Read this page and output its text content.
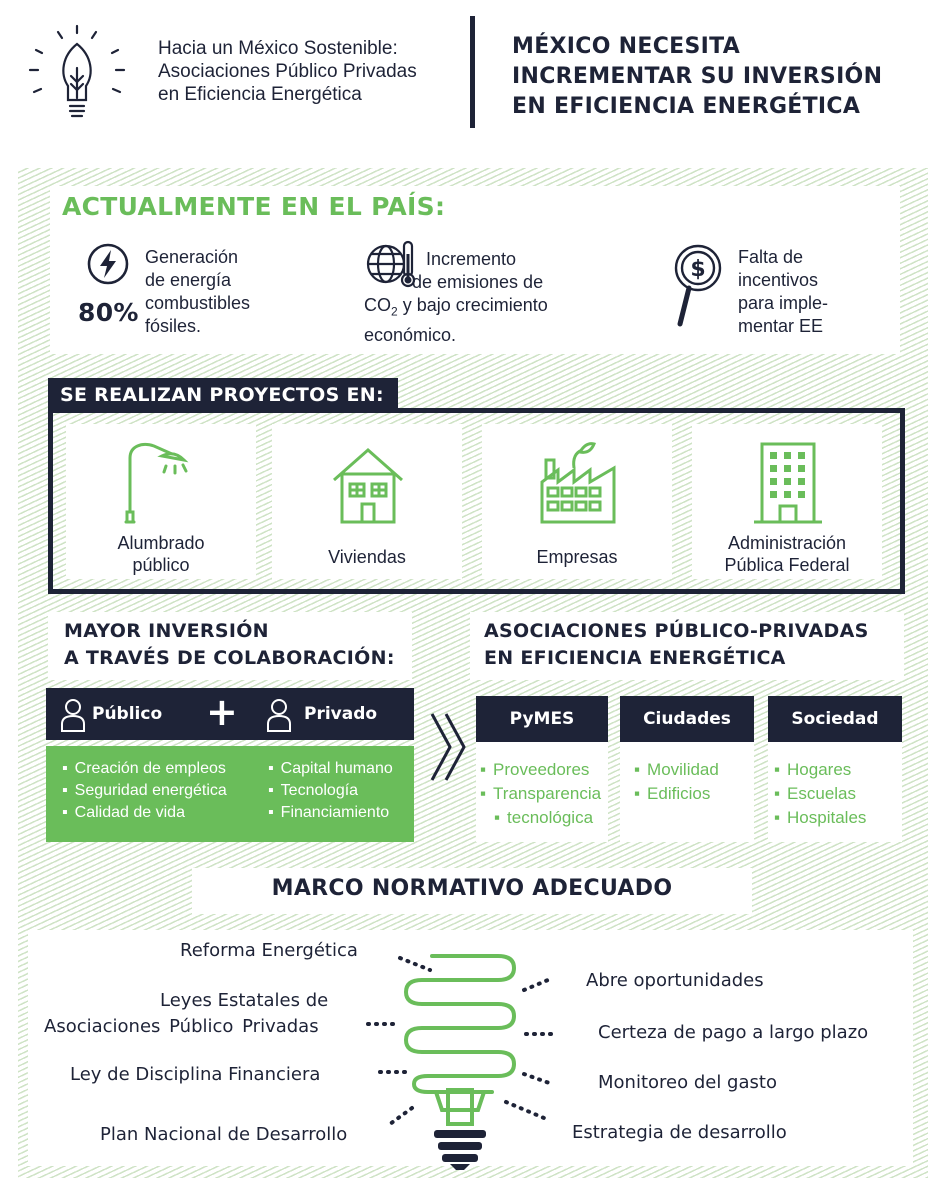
Hacia un México Sostenible:
Asociaciones Público Privadas
en Eficiencia Energética
MÉXICO NECESITA
INCREMENTAR SU INVERSIÓN
EN EFICIENCIA ENERGÉTICA
ACTUALMENTE EN EL PAÍS:
80%
Generación
de energía
combustibles
fósiles.
Incremento
de emisiones de
$CO_2$ y bajo crecimiento
económico.
$ Falta de
incentivos
para imple-
mentar EE
SE REALIZAN PROYECTOS EN:
Alumbrado
público	Viviendas	Empresas
Administración
Pública Federal
MAYOR INVERSIÓN
A TRAVÉS DE COLABORACIÓN:
Público +	Privado
▪ Creación de empleos
▪ Seguridad energética
▪ Calidad de vida
▪ Capital humano
▪ Tecnología
▪ Financiamiento
ASOCIACIONES PÚBLICO-PRIVADAS
EN EFICIENCIA ENERGÉTICA
PyMES
▪ Proveedores
▪ Transparencia
▪ tecnológica
Ciudades
▪ Movilidad
▪ Edificios
Sociedad
▪ Hogares
▪ Escuelas
▪ Hospitales
MARCO NORMATIVO ADECUADO
Reforma Energética
Leyes Estatales de
Asociaciones Público Privadas
Ley de Disciplina Financiera
Plan Nacional de Desarrollo
Abre oportunidades
Certeza de pago a largo plazo
Monitoreo del gasto
Estrategia de desarrollo
